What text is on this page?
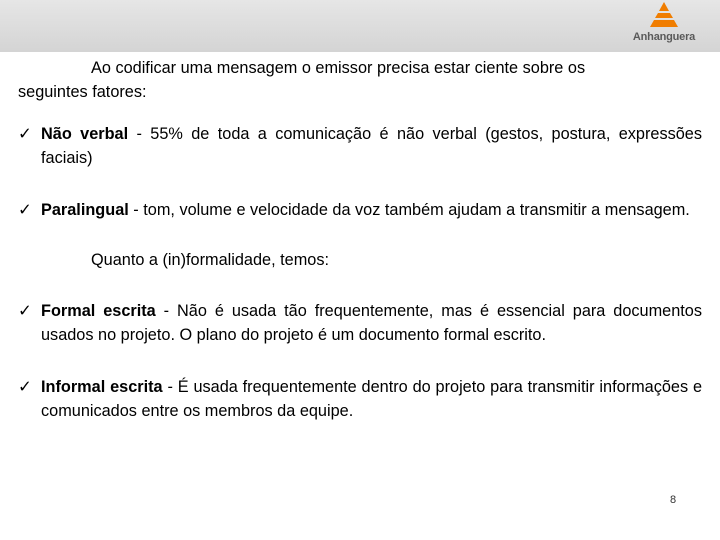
Anhanguera

Ao codificar uma mensagem o emissor precisa estar ciente sobre os

seguintes fatores:

✓ Não verbal - 55% de toda a comunicação é não verbal (gestos, postura, expressões faciais)

✓ Paralingual - tom, volume e velocidade da voz também ajudam a transmitir a mensagem.

Quanto a (in)formalidade, temos:

✓ Formal escrita - Não é usada tão frequentemente, mas é essencial para documentos usados no projeto. O plano do projeto é um documento formal escrito.

✓ Informal escrita - É usada frequentemente dentro do projeto para transmitir informações e comunicados entre os membros da equipe.

8
